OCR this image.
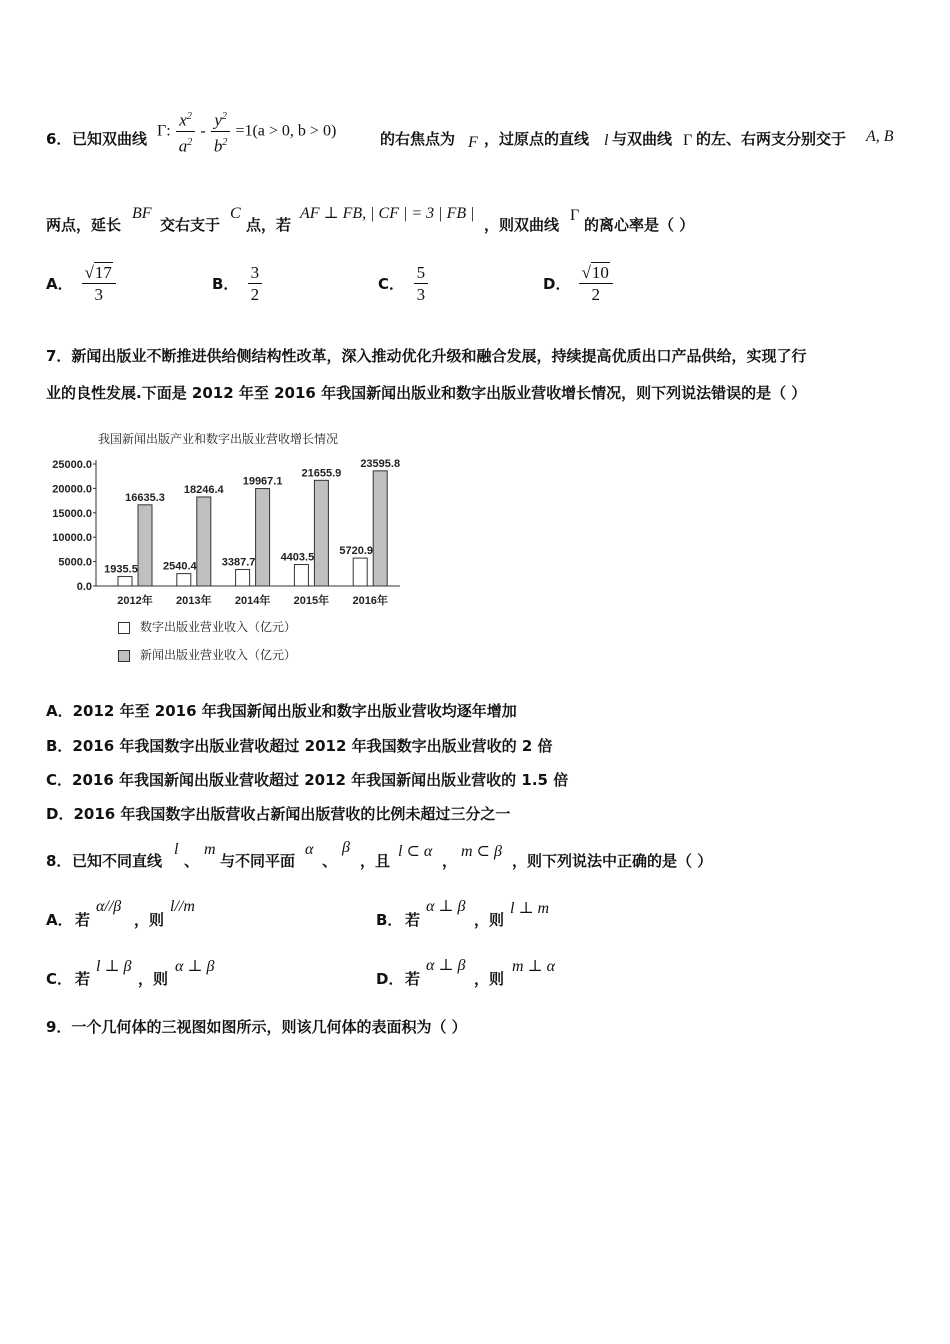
6． 已知双曲线 Γ: $\frac{x^2}{a^2} - \frac{y^2}{b^2} =1(a > 0$, b > 0)	的右焦点为 F ，过原点的直线 l 与双曲线 Γ 的左、右两支分别交于 A, B
两点，延长
BF
交右支于
C
点，若
AF ⊥ FB, | CF | = 3 | FB |
，则双曲线
Γ
的离心率是（ ）
A． $\frac{√17}{3}$	B． $\frac{3}{2}$	C． $\frac{5}{3}$	D． $\frac{√10}{2}$
7．新闻出版业不断推进供给侧结构性改革，深入推动优化升级和融合发展，持续提高优质出口产品供给，实现了行
业的良性发展.下面是 2012 年至 2016 年我国新闻出版业和数字出版业营收增长情况，则下列说法错误的是（ ）
我国新闻出版产业和数字出版业营收增长情况
25000.0
20000.0
15000.0
10000.0
5000.0
0.0
1935.5
16635.3
2012年
2540.4
18246.4
2013年
3387.7
19967.1
2014年
4403.5
21655.9
2015年
5720.9
23595.8
2016年
数字出版业营业收入（亿元）
新闻出版业营业收入（亿元）
A．2012 年至 2016 年我国新闻出版业和数字出版业营收均逐年增加
B．2016 年我国数字出版业营收超过 2012 年我国数字出版业营收的 2 倍
C．2016 年我国新闻出版业营收超过 2012 年我国新闻出版业营收的 1.5 倍
D．2016 年我国数字出版营收占新闻出版营收的比例未超过三分之一
8． 已知不同直线
l
、
m
与不同平面
α
、
β
，且
l ⊂ α
，
m ⊂ β
，则下列说法中正确的是（ ）
A． 若
α//β
，则
l//m
B． 若
α ⊥ β
，则
l ⊥ m
C． 若
l ⊥ β
，则
α ⊥ β
D． 若
α ⊥ β
，则
m ⊥ α
9．一个几何体的三视图如图所示，则该几何体的表面积为（ ）
